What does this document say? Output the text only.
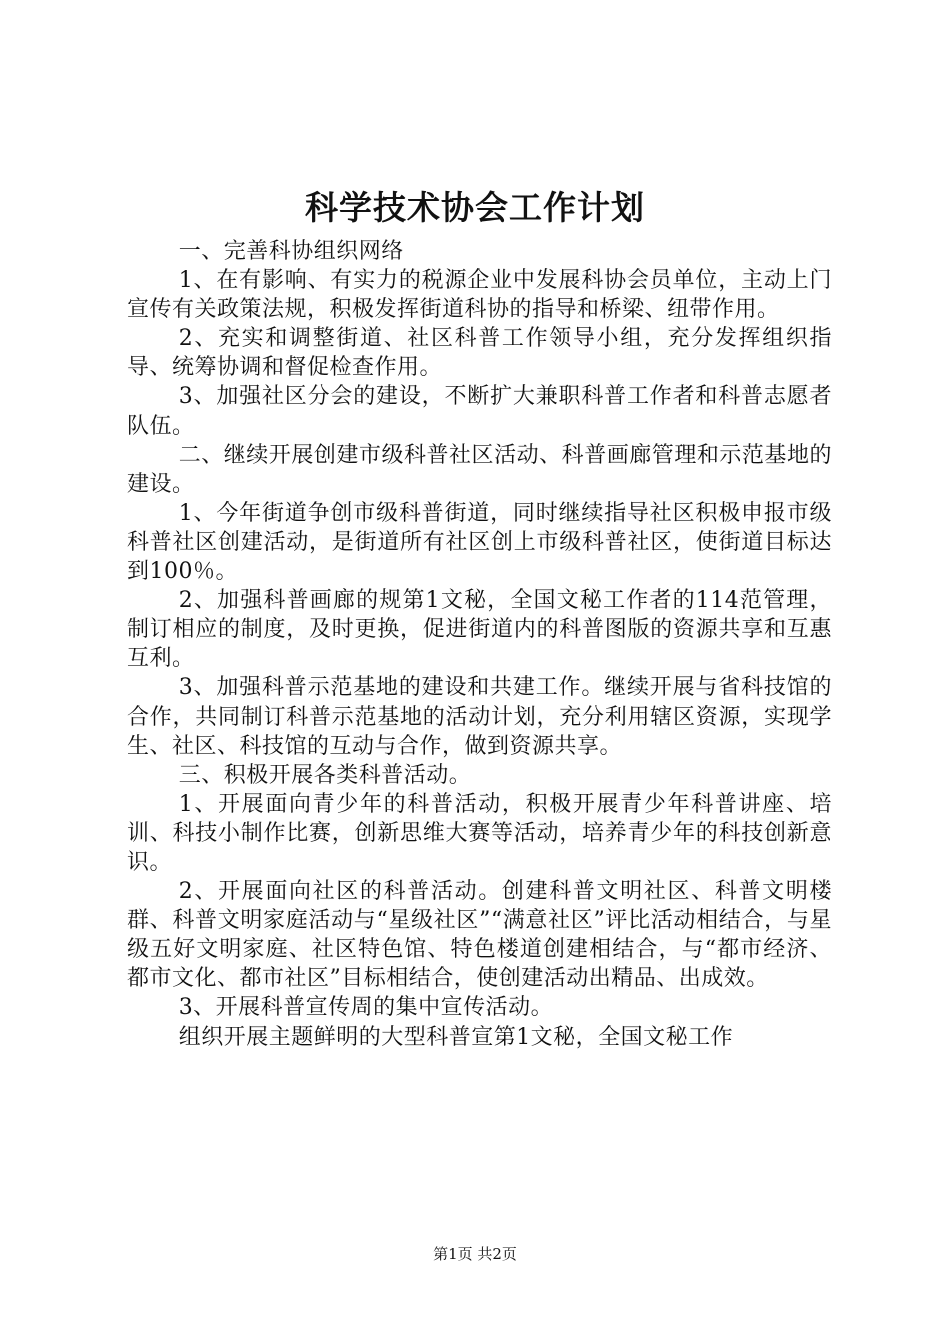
科学技术协会工作计划

一、完善科协组织网络

1、在有影响、有实力的税源企业中发展科协会员单位，主动上门宣传有关政策法规，积极发挥街道科协的指导和桥梁、纽带作用。

2、充实和调整街道、社区科普工作领导小组，充分发挥组织指导、统筹协调和督促检查作用。

3、加强社区分会的建设，不断扩大兼职科普工作者和科普志愿者队伍。

二、继续开展创建市级科普社区活动、科普画廊管理和示范基地的建设。

1、今年街道争创市级科普街道，同时继续指导社区积极申报市级科普社区创建活动，是街道所有社区创上市级科普社区，使街道目标达到100％。

2、加强科普画廊的规第1文秘，全国文秘工作者的114范管理，制订相应的制度，及时更换，促进街道内的科普图版的资源共享和互惠互利。

3、加强科普示范基地的建设和共建工作。继续开展与省科技馆的合作，共同制订科普示范基地的活动计划，充分利用辖区资源，实现学生、社区、科技馆的互动与合作，做到资源共享。

三、积极开展各类科普活动。

1、开展面向青少年的科普活动，积极开展青少年科普讲座、培训、科技小制作比赛，创新思维大赛等活动，培养青少年的科技创新意识。

2、开展面向社区的科普活动。创建科普文明社区、科普文明楼群、科普文明家庭活动与“星级社区”“满意社区”评比活动相结合，与星级五好文明家庭、社区特色馆、特色楼道创建相结合，与“都市经济、都市文化、都市社区”目标相结合，使创建活动出精品、出成效。

3、开展科普宣传周的集中宣传活动。

组织开展主题鲜明的大型科普宣第1文秘，全国文秘工作

第1页 共2页
